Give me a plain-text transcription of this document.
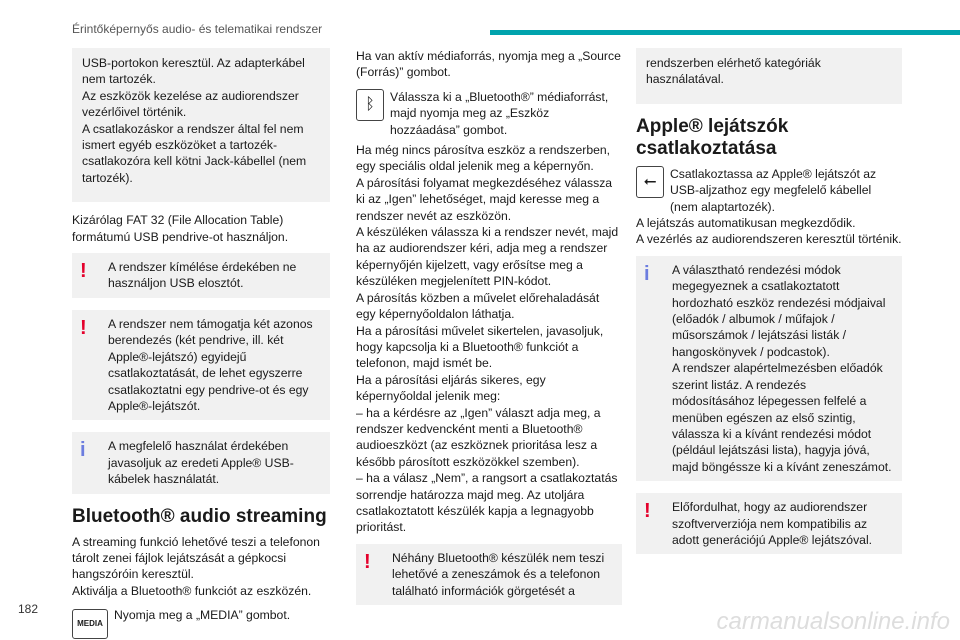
Érintőképernyős audio- és telematikai rendszer

USB-portokon keresztül. Az adapterkábel nem tartozék.
Az eszközök kezelése az audiorendszer vezérlőivel történik.
A csatlakozáskor a rendszer által fel nem ismert egyéb eszközöket a tartozék-csatlakozóra kell kötni Jack-kábellel (nem tartozék).

Kizárólag FAT 32 (File Allocation Table) formátumú USB pendrive-ot használjon.

!	A rendszer kímélése érdekében ne használjon USB elosztót.
!	A rendszer nem támogatja két azonos berendezés (két pendrive, ill. két Apple®-lejátszó) egyidejű csatlakoztatását, de lehet egyszerre csatlakoztatni egy pendrive-ot és egy Apple®-lejátszót.
i	A megfelelő használat érdekében javasoljuk az eredeti Apple® USB-kábelek használatát.
Bluetooth® audio streaming

A streaming funkció lehetővé teszi a telefonon tárolt zenei fájlok lejátszását a gépkocsi hangszóróin keresztül.
Aktiválja a Bluetooth® funkciót az eszközén.

MEDIA
Nyomja meg a „MEDIA” gombot.

Ha van aktív médiaforrás, nyomja meg a „Source (Forrás)” gombot.

ᛒ	Válassza ki a „Bluetooth®” médiaforrást, majd nyomja meg az „Eszköz hozzáadása” gombot.

Ha még nincs párosítva eszköz a rendszerben, egy speciális oldal jelenik meg a képernyőn.
A párosítási folyamat megkezdéséhez válassza ki az „Igen” lehetőséget, majd keresse meg a rendszer nevét az eszközön.
A készüléken válassza ki a rendszer nevét, majd ha az audiorendszer kéri, adja meg a rendszer képernyőjén kijelzett, vagy erősítse meg a készüléken megjelenített PIN-kódot.
A párosítás közben a művelet előrehaladását egy képernyőoldalon láthatja.
Ha a párosítási művelet sikertelen, javasoljuk, hogy kapcsolja ki a Bluetooth® funkciót a telefonon, majd ismét be.
Ha a párosítási eljárás sikeres, egy képernyőoldal jelenik meg:
– ha a kérdésre az „Igen” választ adja meg, a rendszer kedvencként menti a Bluetooth® audioeszközt (az eszköznek prioritása lesz a később párosított eszközökkel szemben).
– ha a válasz „Nem”, a rangsort a csatlakoztatás sorrendje határozza majd meg. Az utoljára csatlakoztatott készülék kapja a legnagyobb prioritást.

!	Néhány Bluetooth® készülék nem teszi lehetővé a zeneszámok és a telefonon található információk görgetését a

rendszerben elérhető kategóriák használatával.

Apple® lejátszók csatlakoztatása
⭠	Csatlakoztassa az Apple® lejátszót az USB-aljzathoz egy megfelelő kábellel (nem alaptartozék).

A lejátszás automatikusan megkezdődik.
A vezérlés az audiorendszeren keresztül történik.

i	A választható rendezési módok megegyeznek a csatlakoztatott hordozható eszköz rendezési módjaival (előadók / albumok / műfajok / műsorszámok / lejátszási listák / hangoskönyvek / podcastok).
A rendszer alapértelmezésben előadók szerint listáz. A rendezés módosításához lépegessen felfelé a menüben egészen az első szintig, válassza ki a kívánt rendezési módot (például lejátszási lista), hagyja jóvá, majd böngéssze ki a kívánt zeneszámot.
!	Előfordulhat, hogy az audiorendszer szoftververziója nem kompatibilis az adott generációjú Apple® lejátszóval.
182	carmanualsonline.info
